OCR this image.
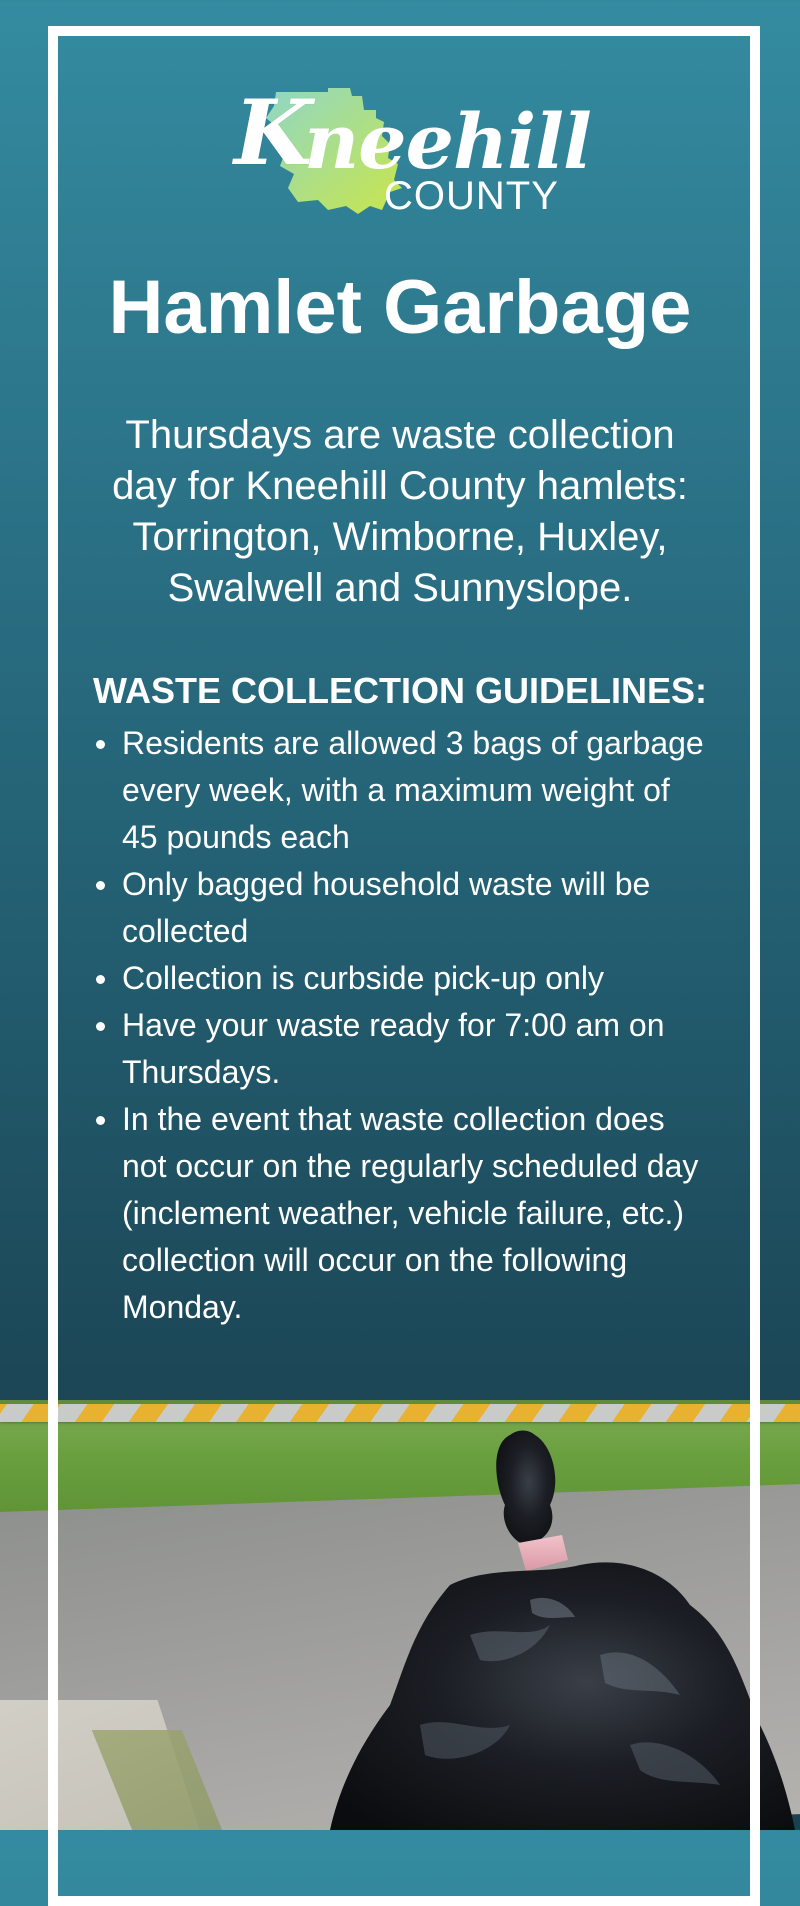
K
neehill
COUNTY
Hamlet Garbage
Thursdays are waste collection day for Kneehill County hamlets: Torrington, Wimborne, Huxley, Swalwell and Sunnyslope.
WASTE COLLECTION GUIDELINES:
Residents are allowed 3 bags of garbage every week, with a maximum weight of 45 pounds each
Only bagged household waste will be collected
Collection is curbside pick-up only
Have your waste ready for 7:00 am on Thursdays.
In the event that waste collection does not occur on the regularly scheduled day (inclement weather, vehicle failure, etc.) collection will occur on the following Monday.
